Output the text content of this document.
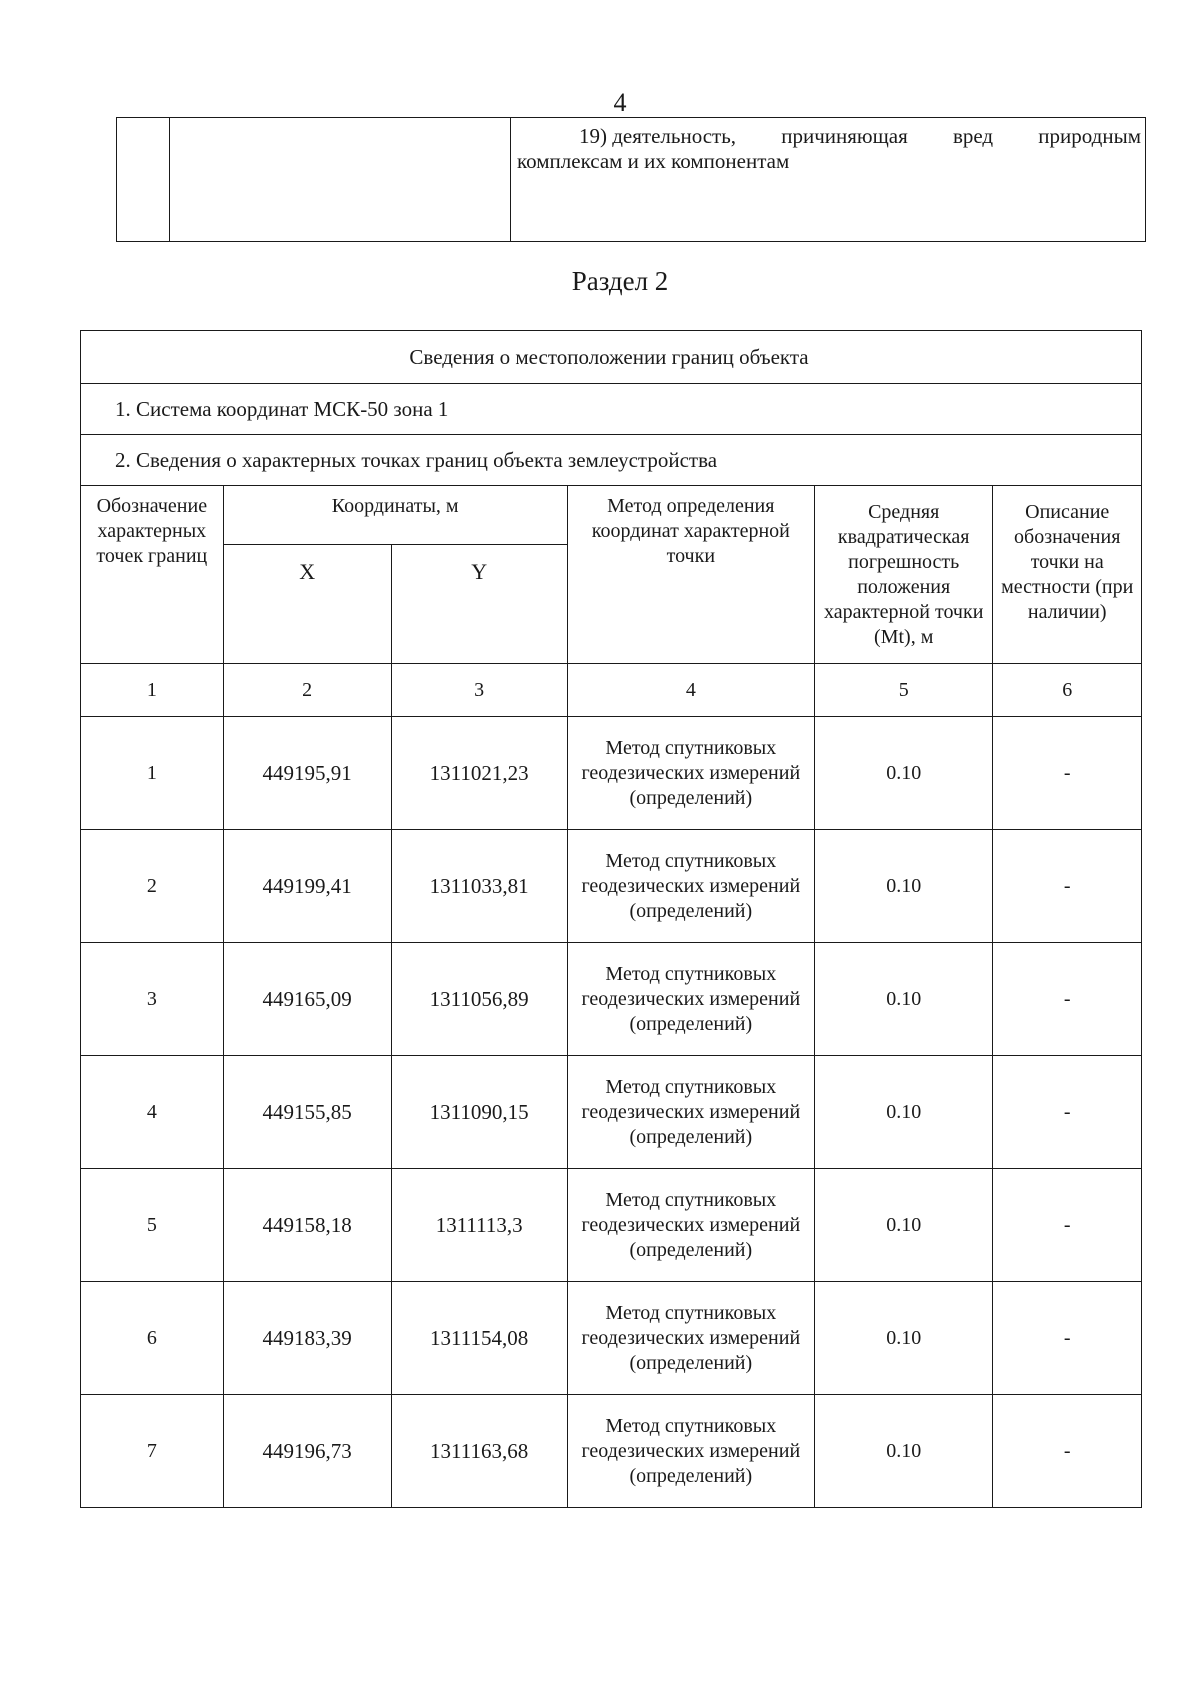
4

19) деятельность, причиняющая вред природным
комплексам и их компонентам
Раздел 2
Сведения о местоположении границ объекта					
1. Система координат МСК-50 зона 1					
2. Сведения о характерных точках границ объекта землеустройства					
Обозначение характерных точек границ	Координаты, м		Метод определения координат характерной точки	Средняя квадратическая погрешность положения характерной точки (Mt), м	Описание обозначения точки на местности (при наличии)
	X	Y			
1	2	3	4	5	6
1	449195,91	1311021,23	Метод спутниковых геодезических измерений (определений)	0.10	-
2	449199,41	1311033,81	Метод спутниковых геодезических измерений (определений)	0.10	-
3	449165,09	1311056,89	Метод спутниковых геодезических измерений (определений)	0.10	-
4	449155,85	1311090,15	Метод спутниковых геодезических измерений (определений)	0.10	-
5	449158,18	1311113,3	Метод спутниковых геодезических измерений (определений)	0.10	-
6	449183,39	1311154,08	Метод спутниковых геодезических измерений (определений)	0.10	-
7	449196,73	1311163,68	Метод спутниковых геодезических измерений (определений)	0.10	-
